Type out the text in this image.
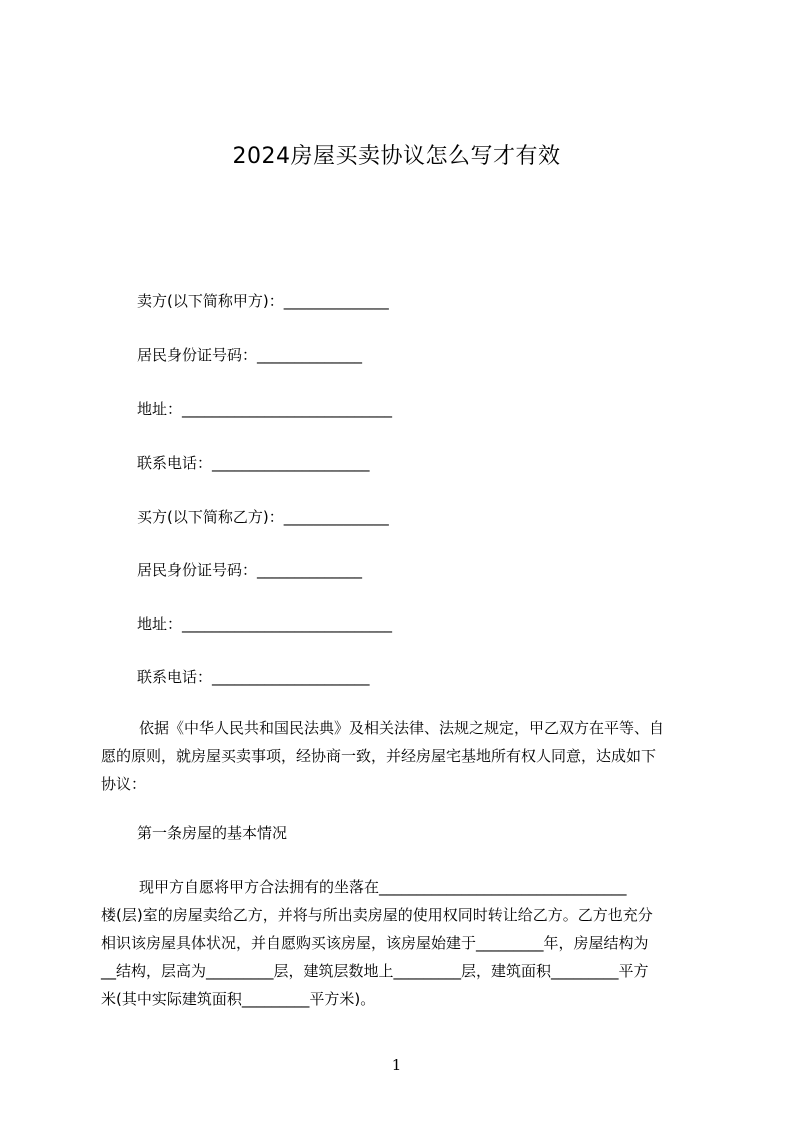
2024房屋买卖协议怎么写才有效
卖方(以下简称甲方)：______________
居民身份证号码：______________
地址：____________________________
联系电话：_____________________
买方(以下简称乙方)：______________
居民身份证号码：______________
地址：____________________________
联系电话：_____________________

依据《中华人民共和国民法典》及相关法律、法规之规定，甲乙双方在平等、自

愿的原则，就房屋买卖事项，经协商一致，并经房屋宅基地所有权人同意，达成如下

协议：

第一条房屋的基本情况

现甲方自愿将甲方合法拥有的坐落在_________________________________

楼(层)室的房屋卖给乙方，并将与所出卖房屋的使用权同时转让给乙方。乙方也充分

相识该房屋具体状况，并自愿购买该房屋，该房屋始建于_________年，房屋结构为

__结构，层高为_________层，建筑层数地上_________层，建筑面积_________平方

米(其中实际建筑面积_________平方米)。

1
